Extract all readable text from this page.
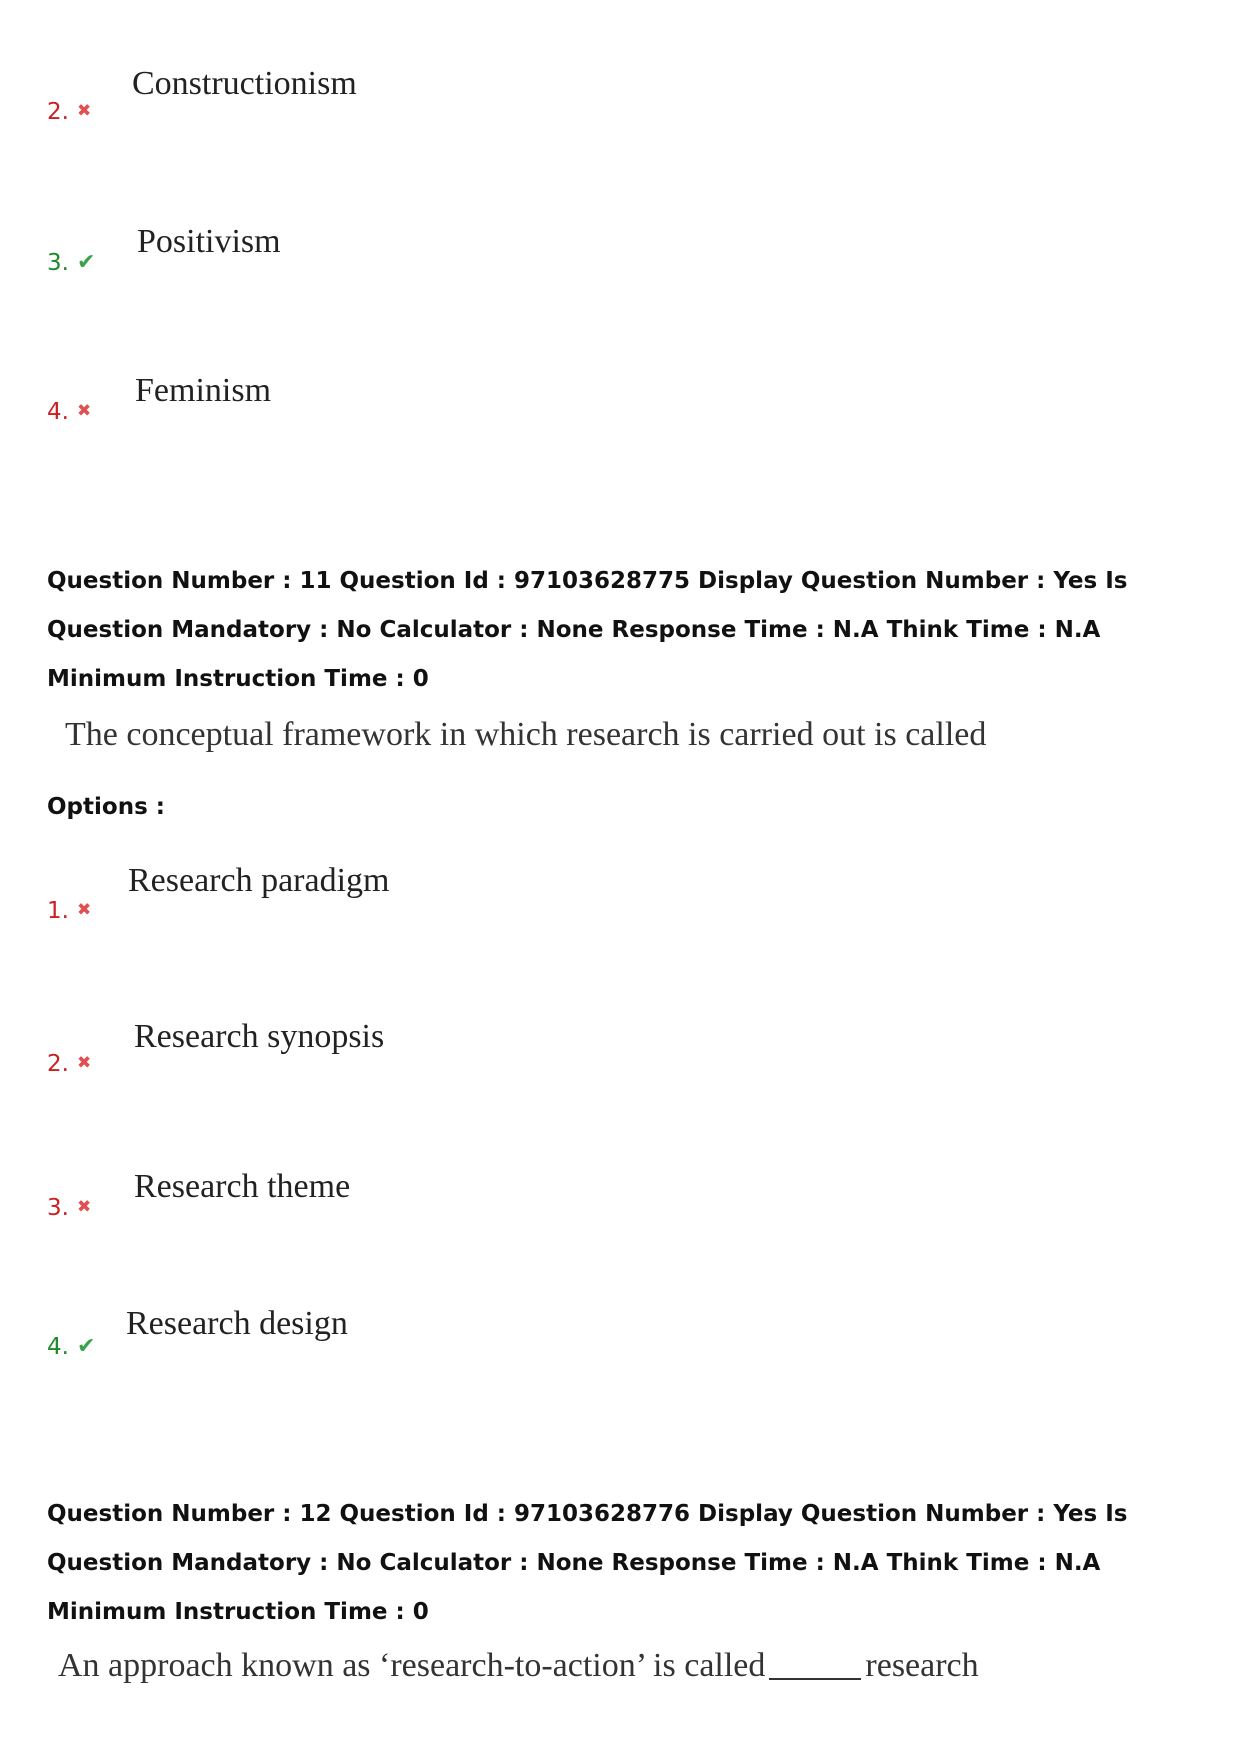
2. ✖
Constructionism
3. ✔
Positivism
4. ✖
Feminism
Question Number : 11 Question Id : 97103628775 Display Question Number : Yes Is Question Mandatory : No Calculator : None Response Time : N.A Think Time : N.A Minimum Instruction Time : 0
The conceptual framework in which research is carried out is called
Options :
1. ✖
Research paradigm
2. ✖
Research synopsis
3. ✖
Research theme
4. ✔
Research design
Question Number : 12 Question Id : 97103628776 Display Question Number : Yes Is Question Mandatory : No Calculator : None Response Time : N.A Think Time : N.A Minimum Instruction Time : 0
An approach known as ‘research-to-action’ is called	research
